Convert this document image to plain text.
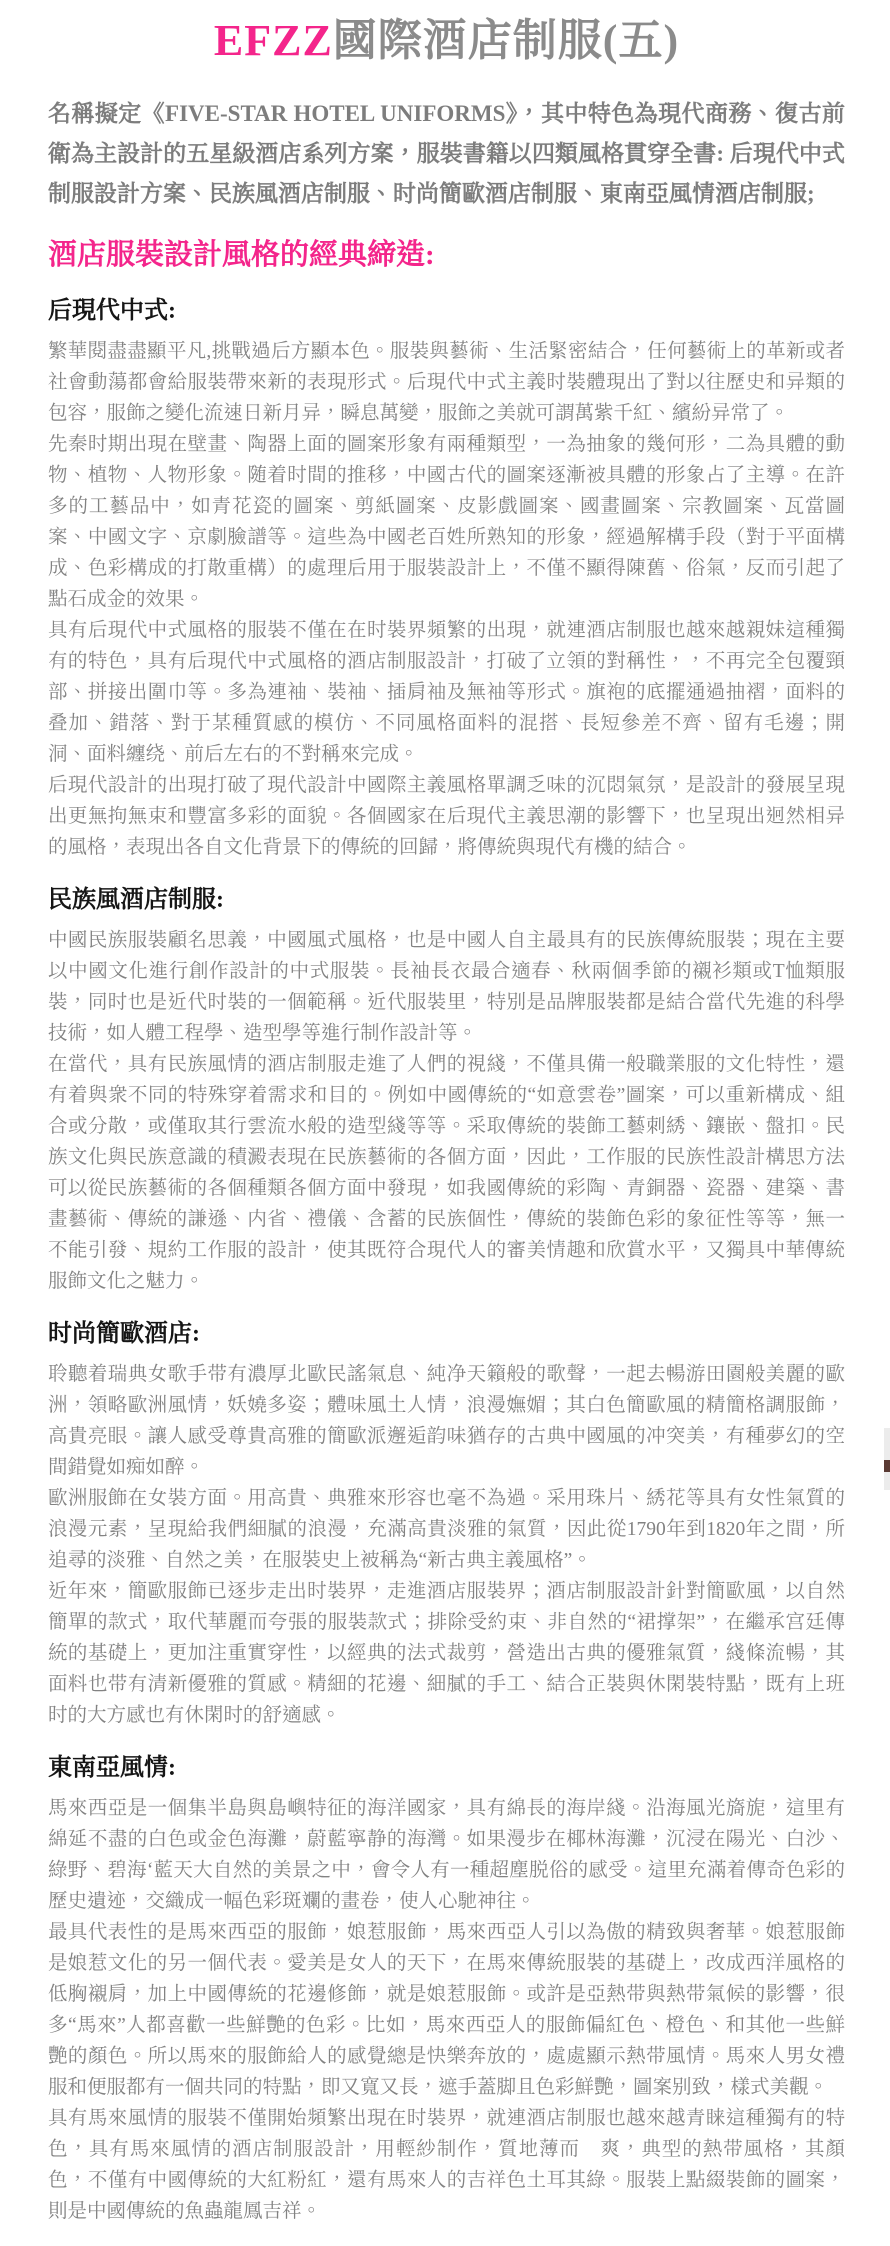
EFZZ國際酒店制服(五)

名稱擬定《FIVE-STAR HOTEL UNIFORMS》，其中特色為現代商務、復古前衛為主設計的五星級酒店系列方案，服裝書籍以四類風格貫穿全書: 后現代中式制服設計方案、民族風酒店制服、时尚簡歐酒店制服、東南亞風情酒店制服;

酒店服裝設計風格的經典締造:
后現代中式:

繁華閱盡盡顯平凡,挑戰過后方顯本色。服裝與藝術、生活緊密結合，任何藝術上的革新或者社會動蕩都會給服裝帶來新的表現形式。后現代中式主義时裝體現出了對以往歷史和异類的包容，服飾之變化流速日新月异，瞬息萬變，服飾之美就可謂萬紫千紅、繽紛异常了。

先秦时期出現在壁畫、陶器上面的圖案形象有兩種類型，一為抽象的幾何形，二為具體的動物、植物、人物形象。随着时間的推移，中國古代的圖案逐漸被具體的形象占了主導。在許多的工藝品中，如青花瓷的圖案、剪紙圖案、皮影戲圖案、國畫圖案、宗教圖案、瓦當圖案、中國文字、京劇臉譜等。這些為中國老百姓所熟知的形象，經過解構手段（對于平面構成、色彩構成的打散重構）的處理后用于服裝設計上，不僅不顯得陳舊、俗氣，反而引起了點石成金的效果。

具有后現代中式風格的服裝不僅在在时裝界頻繁的出現，就連酒店制服也越來越親妹這種獨有的特色，具有后現代中式風格的酒店制服設計，打破了立領的對稱性，，不再完全包覆頸部、拼接出圍巾等。多為連袖、裝袖、插肩袖及無袖等形式。旗袍的底擺通過抽褶，面料的叠加、錯落、對于某種質感的模仿、不同風格面料的混搭、長短參差不齊、留有毛邊；開洞、面料纏绕、前后左右的不對稱來完成。

后現代設計的出現打破了現代設計中國際主義風格單調乏味的沉悶氣氛，是設計的發展呈現出更無拘無束和豐富多彩的面貌。各個國家在后現代主義思潮的影響下，也呈現出迥然相异的風格，表現出各自文化背景下的傳統的回歸，將傳統與現代有機的結合。

民族風酒店制服:

中國民族服裝顧名思義，中國風式風格，也是中國人自主最具有的民族傳統服裝；現在主要以中國文化進行創作設計的中式服裝。長袖長衣最合適春、秋兩個季節的襯衫類或T恤類服裝，同时也是近代时裝的一個範稱。近代服裝里，特別是品牌服裝都是結合當代先進的科學技術，如人體工程學、造型學等進行制作設計等。

在當代，具有民族風情的酒店制服走進了人們的視綫，不僅具備一般職業服的文化特性，還有着與衆不同的特殊穿着需求和目的。例如中國傳統的“如意雲卷”圖案，可以重新構成、組合或分散，或僅取其行雲流水般的造型綫等等。采取傳統的裝飾工藝刺綉、鑲嵌、盤扣。民族文化與民族意識的積澱表現在民族藝術的各個方面，因此，工作服的民族性設計構思方法可以從民族藝術的各個種類各個方面中發現，如我國傳統的彩陶、青銅器、瓷器、建築、書畫藝術、傳統的謙遜、内省、禮儀、含蓄的民族個性，傳統的裝飾色彩的象征性等等，無一不能引發、規約工作服的設計，使其既符合現代人的審美情趣和欣賞水平，又獨具中華傳統服飾文化之魅力。

时尚簡歐酒店:

聆聽着瑞典女歌手带有濃厚北歐民謠氣息、純净天籟般的歌聲，一起去暢游田園般美麗的歐洲，領略歐洲風情，妖嬈多姿；體味風土人情，浪漫嫵媚；其白色簡歐風的精簡格調服飾，高貴亮眼。讓人感受尊貴高雅的簡歐派邂逅韵味猶存的古典中國風的冲突美，有種夢幻的空間錯覺如痴如醉。

歐洲服飾在女裝方面。用高貴、典雅來形容也毫不為過。采用珠片、綉花等具有女性氣質的浪漫元素，呈現給我們細膩的浪漫，充滿高貴淡雅的氣質，因此從1790年到1820年之間，所追尋的淡雅、自然之美，在服裝史上被稱為“新古典主義風格”。

近年來，簡歐服飾已逐步走出时裝界，走進酒店服裝界；酒店制服設計針對簡歐風，以自然簡單的款式，取代華麗而夸張的服裝款式；排除受約束、非自然的“裙撑架”，在繼承宫廷傳統的基礎上，更加注重實穿性，以經典的法式裁剪，營造出古典的優雅氣質，綫條流暢，其面料也带有清新優雅的質感。精細的花邊、細膩的手工、結合正裝與休閑裝特點，既有上班时的大方感也有休閑时的舒適感。

東南亞風情:

馬來西亞是一個集半島與島嶼特征的海洋國家，具有綿長的海岸綫。沿海風光旖旎，這里有綿延不盡的白色或金色海灘，蔚藍寧静的海灣。如果漫步在椰林海灘，沉浸在陽光、白沙、綠野、碧海‘藍天大自然的美景之中，會令人有一種超塵脱俗的感受。這里充滿着傳奇色彩的歷史遺迹，交織成一幅色彩斑斕的畫卷，使人心馳神往。

最具代表性的是馬來西亞的服飾，娘惹服飾，馬來西亞人引以為傲的精致與奢華。娘惹服飾是娘惹文化的另一個代表。愛美是女人的天下，在馬來傳統服裝的基礎上，改成西洋風格的低胸襯肩，加上中國傳統的花邊修飾，就是娘惹服飾。或許是亞熱带與熱带氣候的影響，很多“馬來”人都喜歡一些鮮艷的色彩。比如，馬來西亞人的服飾偏紅色、橙色、和其他一些鮮艷的顏色。所以馬來的服飾給人的感覺總是快樂奔放的，處處顯示熱带風情。馬來人男女禮服和便服都有一個共同的特點，即又寬又長，遮手蓋脚且色彩鮮艷，圖案别致，樣式美觀。

具有馬來風情的服裝不僅開始頻繁出現在时裝界，就連酒店制服也越來越青睐這種獨有的特色，具有馬來風情的酒店制服設計，用輕紗制作，質地薄而　爽，典型的熱带風格，其顏色，不僅有中國傳統的大紅粉紅，還有馬來人的吉祥色土耳其綠。服裝上點綴裝飾的圖案，則是中國傳統的魚蟲龍鳳吉祥。
